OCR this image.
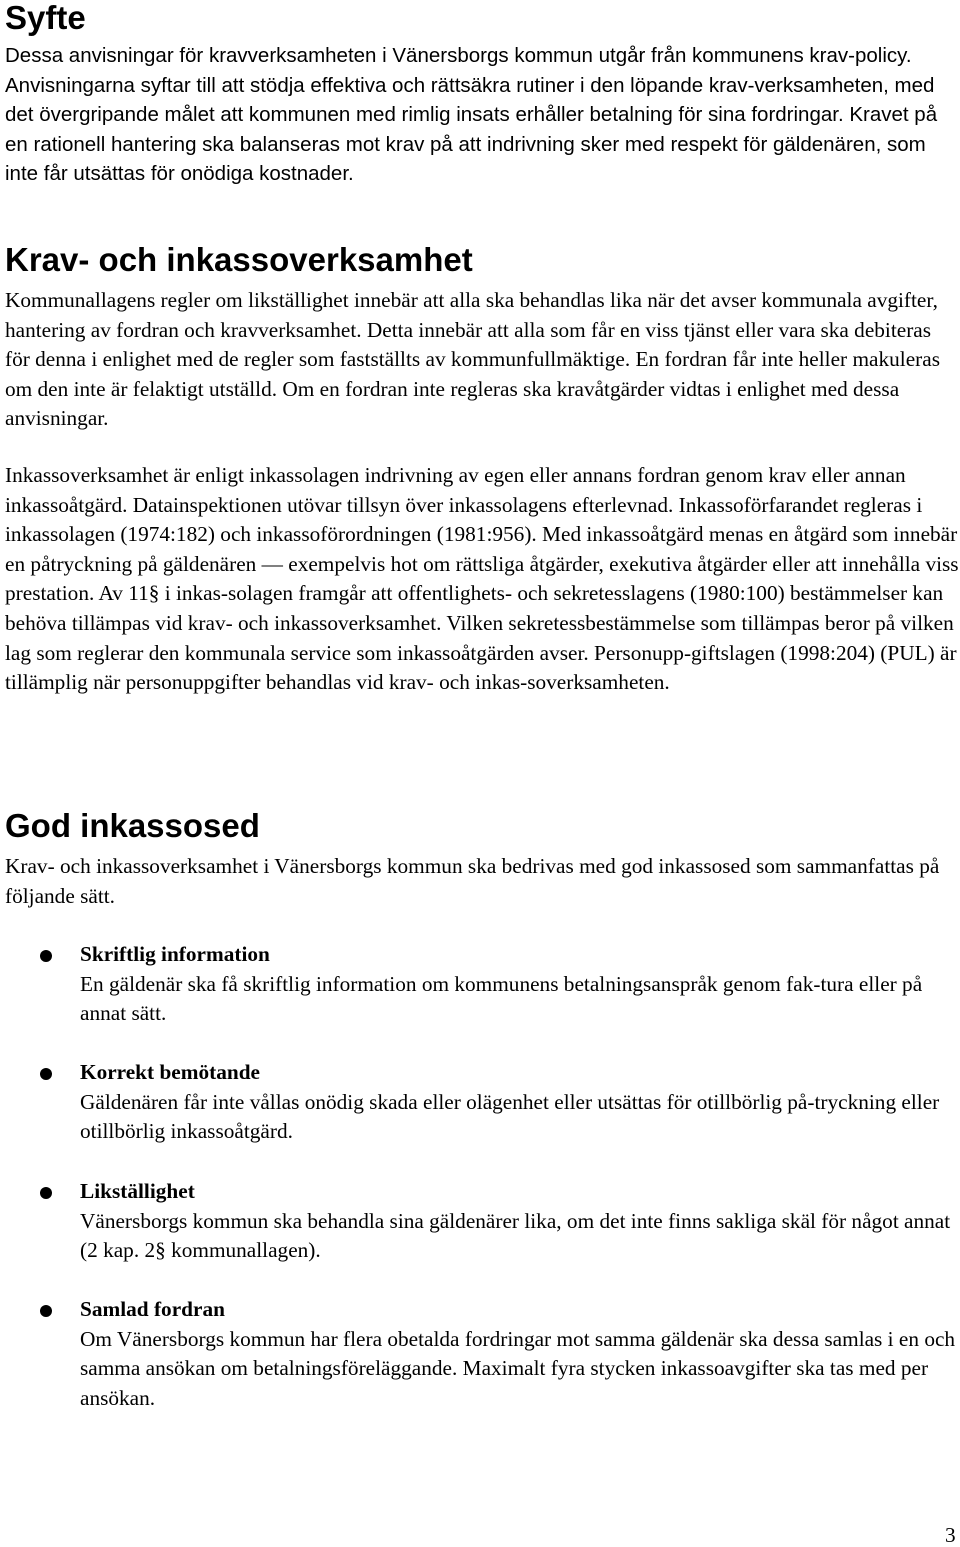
Syfte

Dessa anvisningar för kravverksamheten i Vänersborgs kommun utgår från kommunens krav-policy. Anvisningarna syftar till att stödja effektiva och rättsäkra rutiner i den löpande krav-verksamheten, med det övergripande målet att kommunen med rimlig insats erhåller betalning för sina fordringar. Kravet på en rationell hantering ska balanseras mot krav på att indrivning sker med respekt för gäldenären, som inte får utsättas för onödiga kostnader.

Krav- och inkassoverksamhet

Kommunallagens regler om likställighet innebär att alla ska behandlas lika när det avser kommunala avgifter, hantering av fordran och kravverksamhet. Detta innebär att alla som får en viss tjänst eller vara ska debiteras för denna i enlighet med de regler som fastställts av kommunfullmäktige. En fordran får inte heller makuleras om den inte är felaktigt utställd. Om en fordran inte regleras ska kravåtgärder vidtas i enlighet med dessa anvisningar.

Inkassoverksamhet är enligt inkassolagen indrivning av egen eller annans fordran genom krav eller annan inkassoåtgärd. Datainspektionen utövar tillsyn över inkassolagens efterlevnad. Inkassoförfarandet regleras i inkassolagen (1974:182) och inkassoförordningen (1981:956). Med inkassoåtgärd menas en åtgärd som innebär en påtryckning på gäldenären — exempelvis hot om rättsliga åtgärder, exekutiva åtgärder eller att innehålla viss prestation. Av 11§ i inkas-solagen framgår att offentlighets- och sekretesslagens (1980:100) bestämmelser kan behöva tillämpas vid krav- och inkassoverksamhet. Vilken sekretessbestämmelse som tillämpas beror på vilken lag som reglerar den kommunala service som inkassoåtgärden avser. Personupp-giftslagen (1998:204) (PUL) är tillämplig när personuppgifter behandlas vid krav- och inkas-soverksamheten.

God inkassosed

Krav- och inkassoverksamhet i Vänersborgs kommun ska bedrivas med god inkassosed som sammanfattas på följande sätt.

Skriftlig information

En gäldenär ska få skriftlig information om kommunens betalningsanspråk genom fak-tura eller på annat sätt.

Korrekt bemötande

Gäldenären får inte vållas onödig skada eller olägenhet eller utsättas för otillbörlig på-tryckning eller otillbörlig inkassoåtgärd.

Likställighet

Vänersborgs kommun ska behandla sina gäldenärer lika, om det inte finns sakliga skäl för något annat (2 kap. 2§ kommunallagen).

Samlad fordran

Om Vänersborgs kommun har flera obetalda fordringar mot samma gäldenär ska dessa samlas i en och samma ansökan om betalningsföreläggande. Maximalt fyra stycken inkassoavgifter ska tas med per ansökan.

3
